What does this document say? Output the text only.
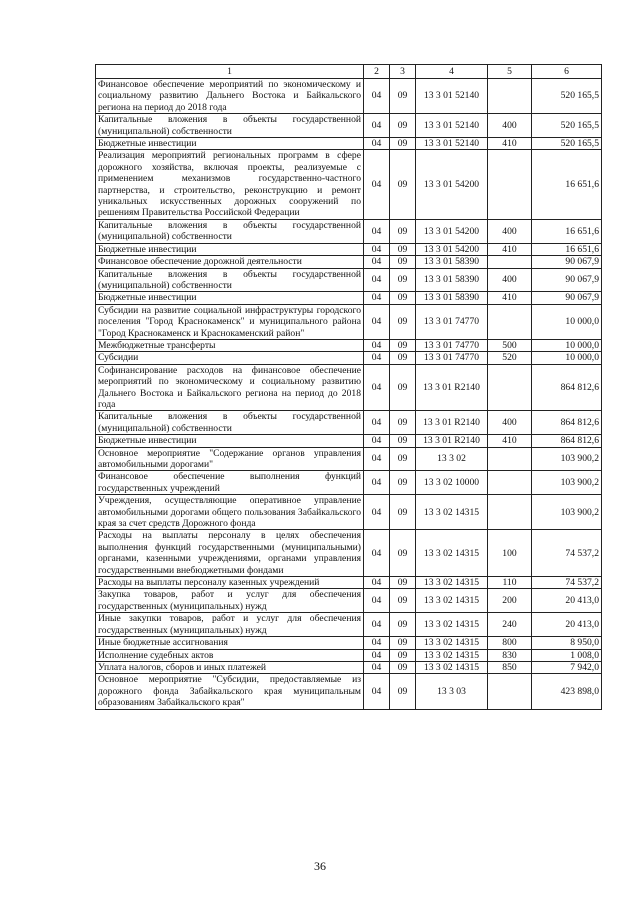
1	2	3	4	5	6
Финансовое обеспечение мероприятий по экономическому и социальному развитию Дальнего Востока и Байкальского региона на период до 2018 года	04	09	13 3 01 52140		520 165,5
Капитальные вложения в объекты государственной (муниципальной) собственности	04	09	13 3 01 52140	400	520 165,5
Бюджетные инвестиции	04	09	13 3 01 52140	410	520 165,5
Реализация мероприятий региональных программ в сфере дорожного хозяйства, включая проекты, реализуемые с применением механизмов государственно-частного партнерства, и строительство, реконструкцию и ремонт уникальных искусственных дорожных сооружений по решениям Правительства Российской Федерации	04	09	13 3 01 54200		16 651,6
Капитальные вложения в объекты государственной (муниципальной) собственности	04	09	13 3 01 54200	400	16 651,6
Бюджетные инвестиции	04	09	13 3 01 54200	410	16 651,6
Финансовое обеспечение дорожной деятельности	04	09	13 3 01 58390		90 067,9
Капитальные вложения в объекты государственной (муниципальной) собственности	04	09	13 3 01 58390	400	90 067,9
Бюджетные инвестиции	04	09	13 3 01 58390	410	90 067,9
Субсидии на развитие социальной инфраструктуры городского поселения "Город Краснокаменск" и муниципального района "Город Краснокаменск и Краснокаменский район"	04	09	13 3 01 74770		10 000,0
Межбюджетные трансферты	04	09	13 3 01 74770	500	10 000,0
Субсидии	04	09	13 3 01 74770	520	10 000,0
Софинансирование расходов на финансовое обеспечение мероприятий по экономическому и социальному развитию Дальнего Востока и Байкальского региона на период до 2018 года	04	09	13 3 01 R2140		864 812,6
Капитальные вложения в объекты государственной (муниципальной) собственности	04	09	13 3 01 R2140	400	864 812,6
Бюджетные инвестиции	04	09	13 3 01 R2140	410	864 812,6
Основное мероприятие "Содержание органов управления автомобильными дорогами"	04	09	13 3 02		103 900,2
Финансовое обеспечение выполнения функций государственных учреждений	04	09	13 3 02 10000		103 900,2
Учреждения, осуществляющие оперативное управление автомобильными дорогами общего пользования Забайкальского края за счет средств Дорожного фонда	04	09	13 3 02 14315		103 900,2
Расходы на выплаты персоналу в целях обеспечения выполнения функций государственными (муниципальными) органами, казенными учреждениями, органами управления государственными внебюджетными фондами	04	09	13 3 02 14315	100	74 537,2
Расходы на выплаты персоналу казенных учреждений	04	09	13 3 02 14315	110	74 537,2
Закупка товаров, работ и услуг для обеспечения государственных (муниципальных) нужд	04	09	13 3 02 14315	200	20 413,0
Иные закупки товаров, работ и услуг для обеспечения государственных (муниципальных) нужд	04	09	13 3 02 14315	240	20 413,0
Иные бюджетные ассигнования	04	09	13 3 02 14315	800	8 950,0
Исполнение судебных актов	04	09	13 3 02 14315	830	1 008,0
Уплата налогов, сборов и иных платежей	04	09	13 3 02 14315	850	7 942,0
Основное мероприятие "Субсидии, предоставляемые из дорожного фонда Забайкальского края муниципальным образованиям Забайкальского края"	04	09	13 3 03		423 898,0
36
